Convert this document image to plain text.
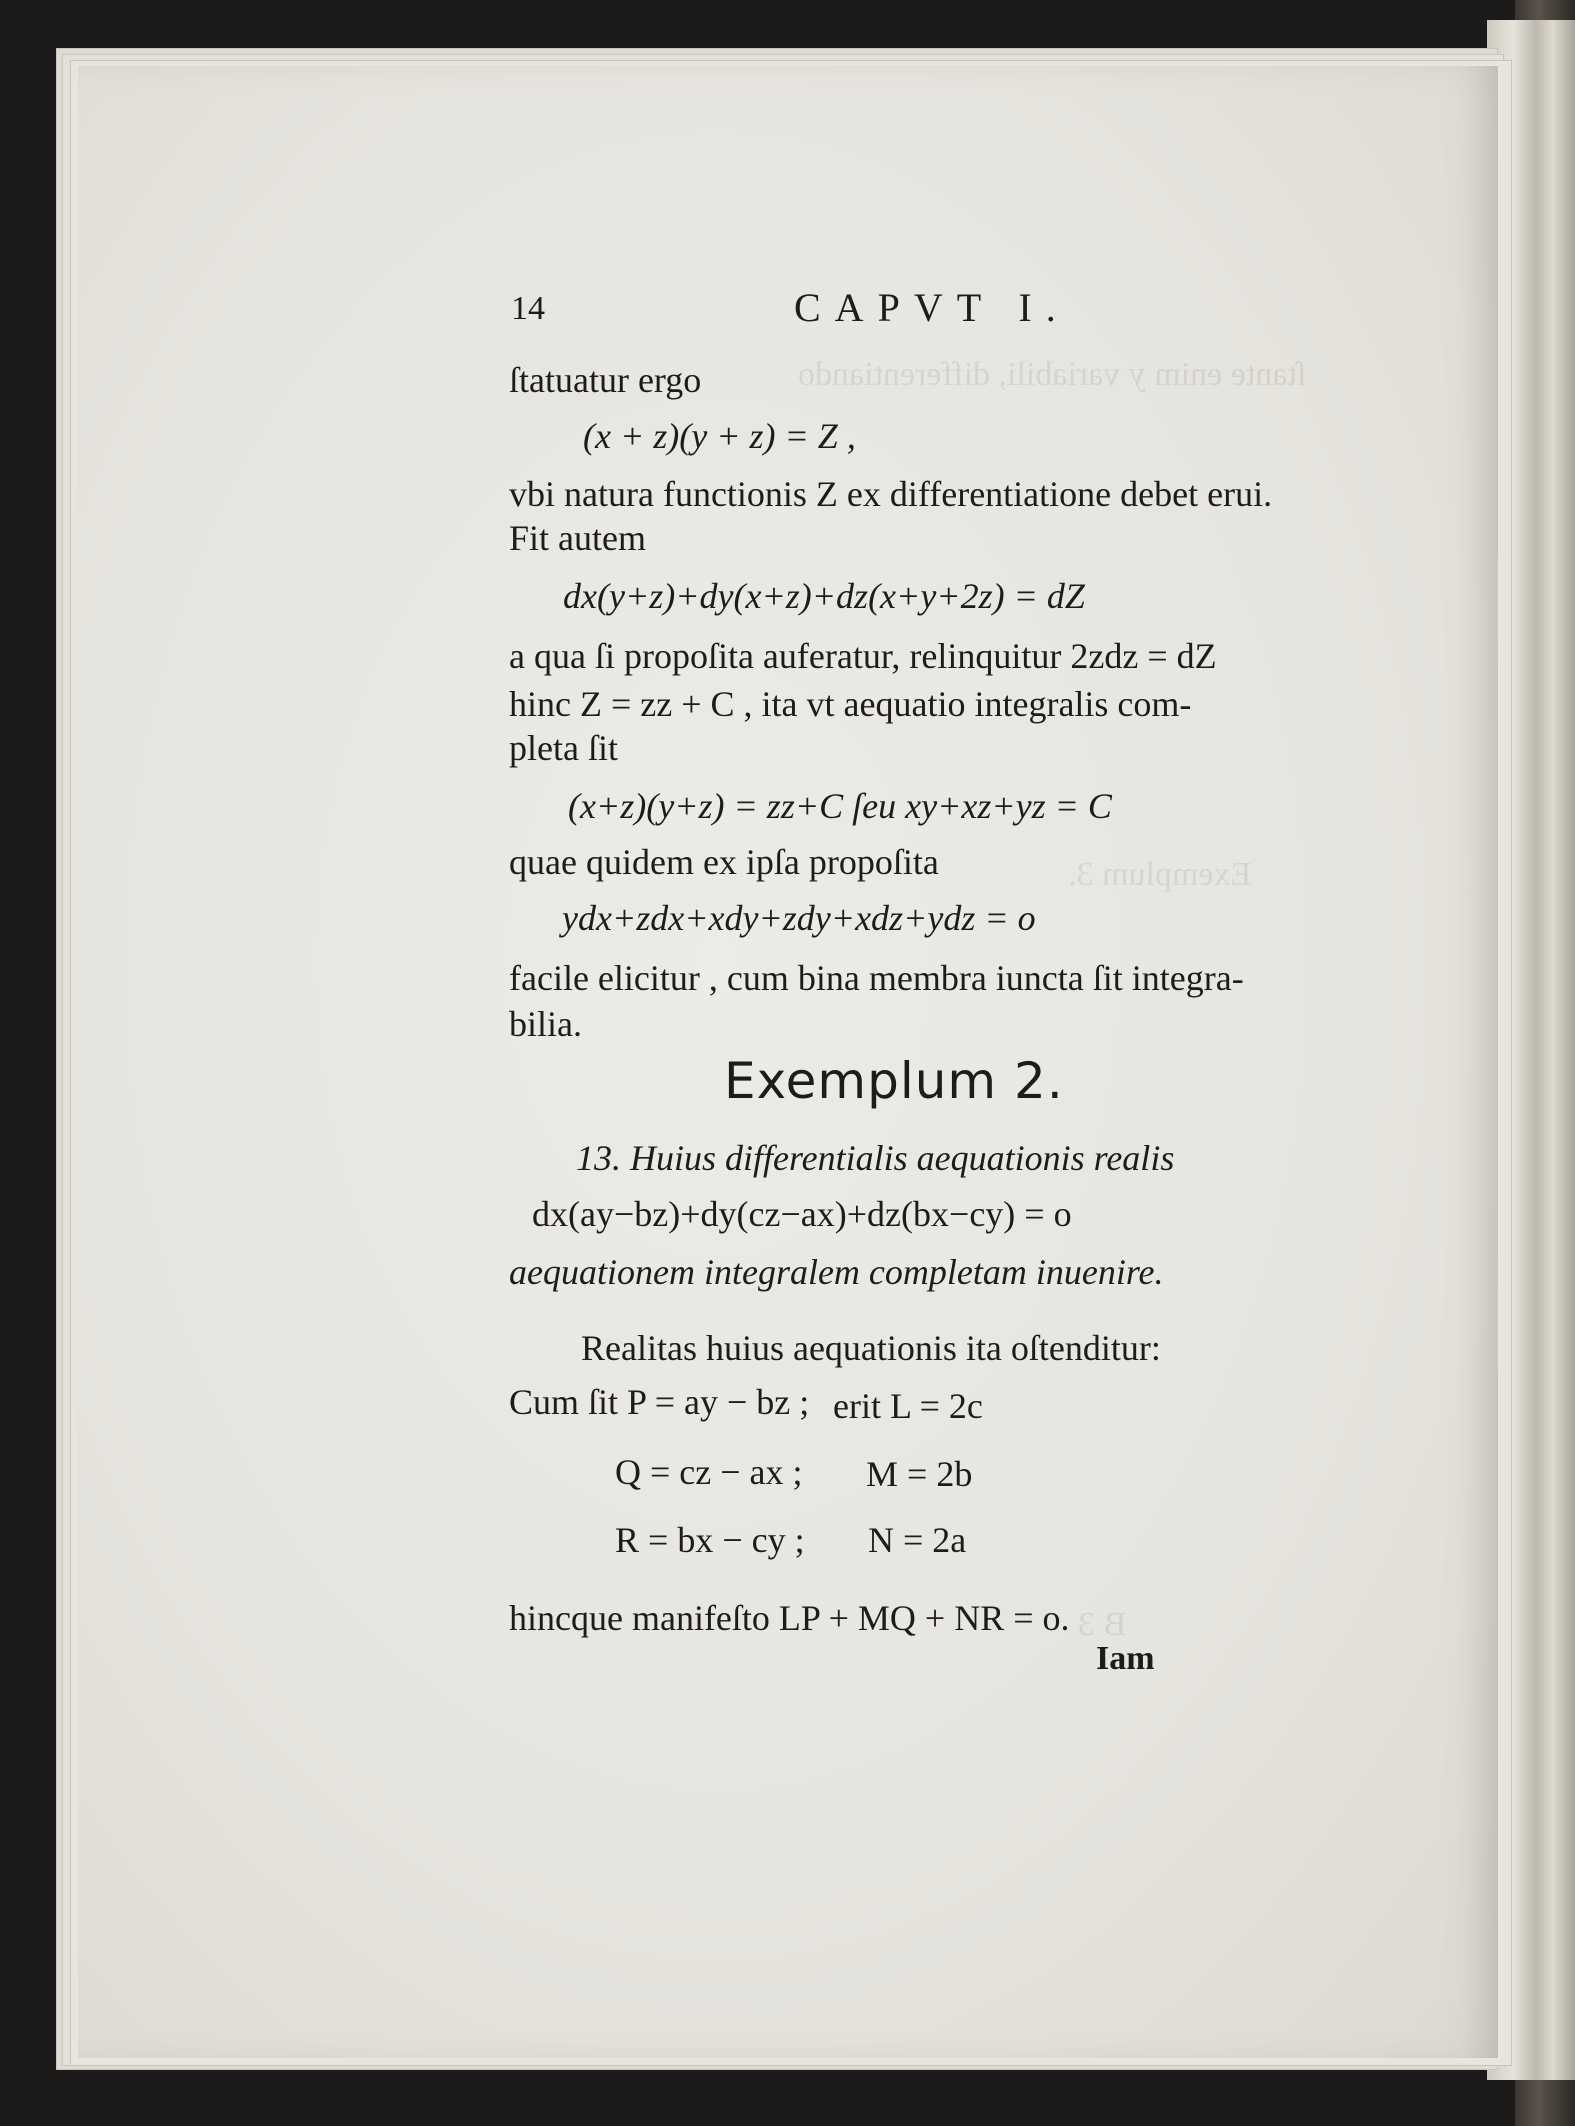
ſtante enim y variabili, differentiando
Exemplum 3.
B 3
14	CAPVT I.
ſtatuatur ergo
(x + z)(y + z) = Z ,
vbi natura functionis Z ex differentiatione debet erui.
Fit autem
dx(y+z)+dy(x+z)+dz(x+y+2z) = dZ
a qua ſi propoſita auferatur, relinquitur 2zdz = dZ
hinc Z = zz + C , ita vt aequatio integralis com-
pleta ſit
(x+z)(y+z) = zz+C ſeu xy+xz+yz = C
quae quidem ex ipſa propoſita
ydx+zdx+xdy+zdy+xdz+ydz = o
facile elicitur , cum bina membra iuncta ſit integra-
bilia.
Exemplum 2.
13. Huius differentialis aequationis realis
dx(ay−bz)+dy(cz−ax)+dz(bx−cy) = o
aequationem integralem completam inuenire.
Realitas huius aequationis ita oſtenditur:
Cum ſit P = ay − bz ; erit L = 2c
Q = cz − ax ; M = 2b
R = bx − cy ; N = 2a
hincque manifeſto LP + MQ + NR = o.
Iam
